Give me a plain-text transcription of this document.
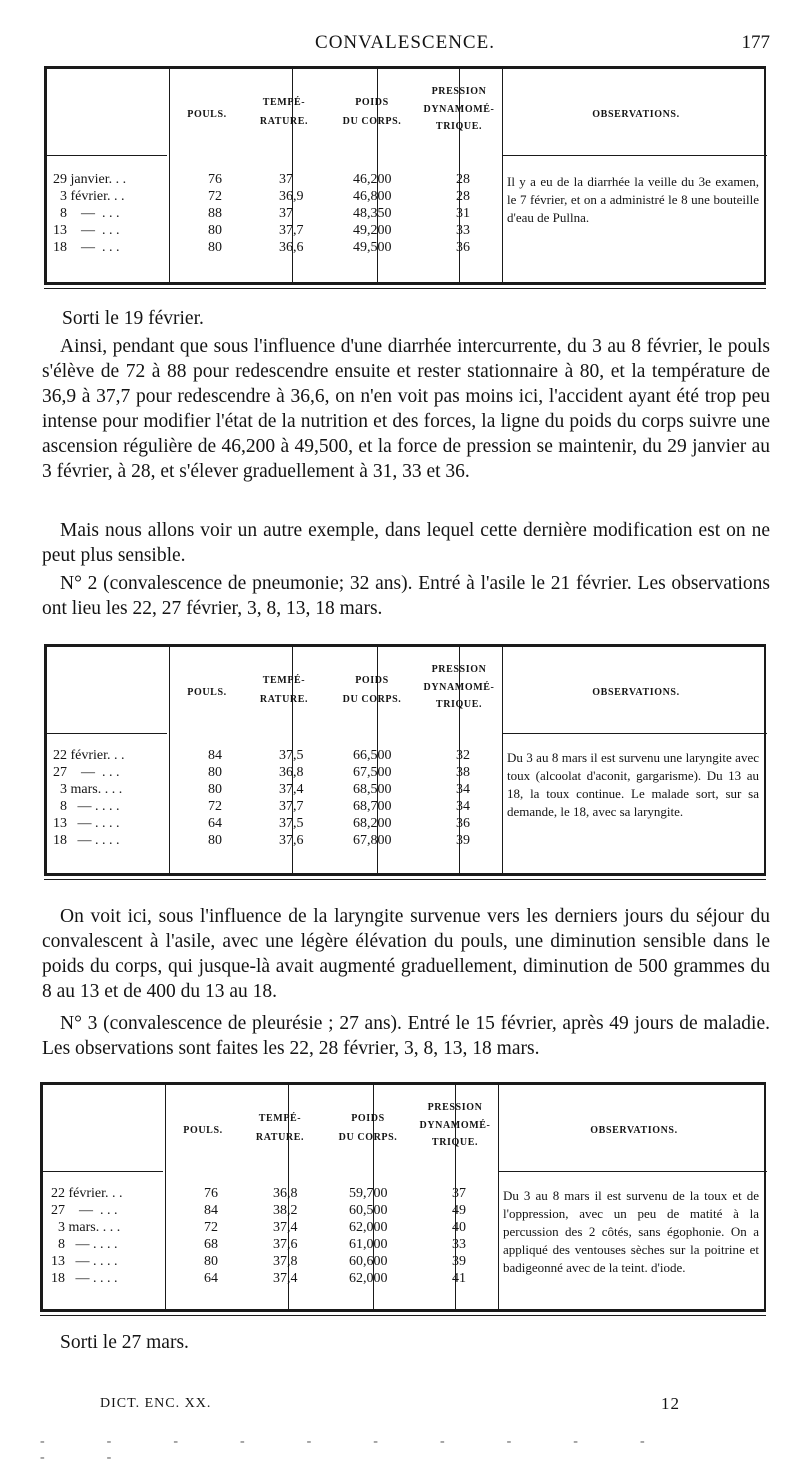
CONVALESCENCE.	177
POULS.
TEMPÉ-
RATURE.
POIDS
DU CORPS.
PRESSION
DYNAMOMÉ-
TRIQUE.
OBSERVATIONS.
29 janvier. . .
3 février. . .
8    —  . . .
13    —  . . .
18    —  . . .
76
72
88
80
80
37
36,9
37
37,7
36,6
46,200
46,800
48,350
49,200
49,500
28
28
31
33
36
Il y a eu de la diarrhée la veille du 3e examen, le 7 février, et on a administré le 8 une bouteille d'eau de Pullna.
Sorti le 19 février.
Ainsi, pendant que sous l'influence d'une diarrhée intercurrente, du 3 au 8 février, le pouls s'élève de 72 à 88 pour redescendre ensuite et rester stationnaire à 80, et la température de 36,9 à 37,7 pour redescendre à 36,6, on n'en voit pas moins ici, l'accident ayant été trop peu intense pour modifier l'état de la nutrition et des forces, la ligne du poids du corps suivre une ascension régulière de 46,200 à 49,500, et la force de pression se maintenir, du 29 janvier au 3 février, à 28, et s'élever graduellement à 31, 33 et 36.
Mais nous allons voir un autre exemple, dans lequel cette dernière modification est on ne peut plus sensible.
N° 2 (convalescence de pneumonie; 32 ans). Entré à l'asile le 21 février. Les observations ont lieu les 22, 27 février, 3, 8, 13, 18 mars.
POULS.
TEMPÉ-
RATURE.
POIDS
DU CORPS.
PRESSION
DYNAMOMÉ-
TRIQUE.
OBSERVATIONS.
22 février. . .
27    —  . . .
3 mars. . . .
8   — . . . .
13   — . . . .
18   — . . . .
84
80
80
72
64
80
37,5
36,8
37,4
37,7
37,5
37,6
66,500
67,500
68,500
68,700
68,200
67,800
32
38
34
34
36
39
Du 3 au 8 mars il est survenu une laryngite avec toux (alcoolat d'aconit, gargarisme). Du 13 au 18, la toux continue. Le malade sort, sur sa demande, le 18, avec sa laryngite.
On voit ici, sous l'influence de la laryngite survenue vers les derniers jours du séjour du convalescent à l'asile, avec une légère élévation du pouls, une diminution sensible dans le poids du corps, qui jusque-là avait augmenté graduellement, diminution de 500 grammes du 8 au 13 et de 400 du 13 au 18.
N° 3 (convalescence de pleurésie ; 27 ans). Entré le 15 février, après 49 jours de maladie. Les observations sont faites les 22, 28 février, 3, 8, 13, 18 mars.
POULS.
TEMPÉ-
RATURE.
POIDS
DU CORPS.
PRESSION
DYNAMOMÉ-
TRIQUE.
OBSERVATIONS.
22 février. . .
27    —  . . .
3 mars. . . .
8   — . . . .
13   — . . . .
18   — . . . .
76
84
72
68
80
64
36,8
38,2
37,4
37,6
37,8
37,4
59,700
60,500
62,000
61,000
60,600
62,000
37
49
40
33
39
41
Du 3 au 8 mars il est survenu de la toux et de l'oppression, avec un peu de matité à la percussion des 2 côtés, sans égophonie. On a appliqué des ventouses sèches sur la poitrine et badigeonné avec de la teint. d'iode.
Sorti le 27 mars.
DICT. ENC. XX.	12
------------
